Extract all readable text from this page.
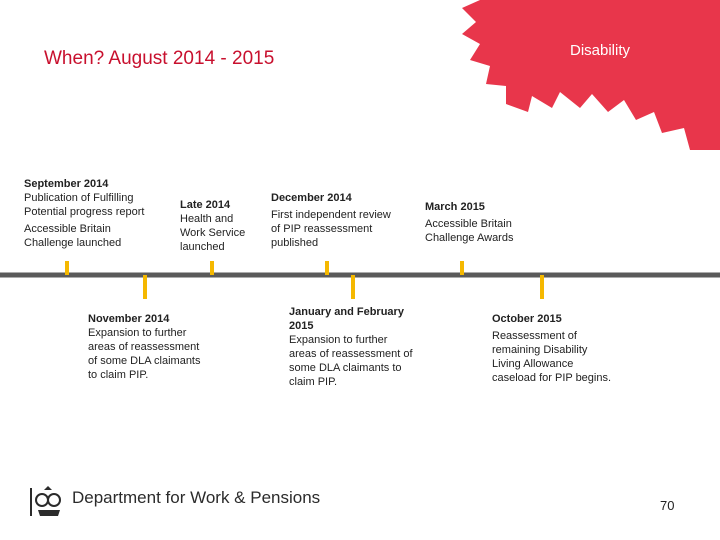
Disability
When? August 2014 - 2015
September 2014
Publication of Fulfilling
Potential progress report
Accessible Britain
Challenge launched
Late 2014
Health and
Work Service
launched
December 2014
First independent review
of PIP reassessment
published
March 2015
Accessible Britain
Challenge Awards
November 2014
Expansion to further
areas of reassessment
of some DLA claimants
to claim PIP.
January and February
2015
Expansion to further
areas of reassessment of
some DLA claimants to
claim PIP.
October 2015
Reassessment of
remaining Disability
Living Allowance
caseload for PIP begins.
Department for Work & Pensions	70
